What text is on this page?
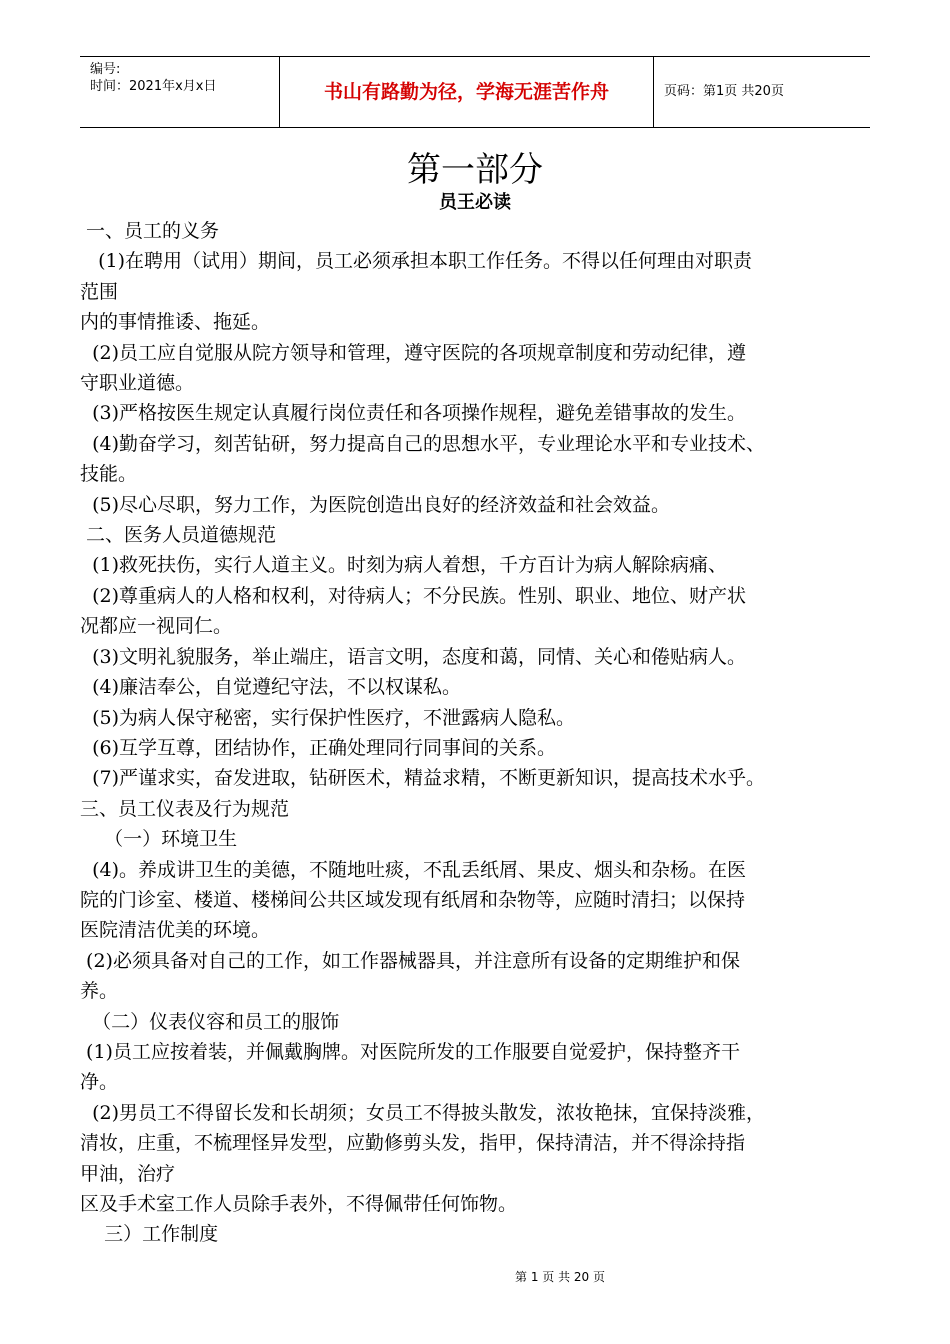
编号:
时间：2021年x月x日	书山有路勤为径，学海无涯苦作舟	页码：第1页 共20页
第一部分
员王必读

一、员工的义务

(1)在聘用（试用）期间，员工必须承担本职工作任务。不得以任何理由对职责

范围

内的事情推诿、拖延。

(2)员工应自觉服从院方领导和管理，遵守医院的各项规章制度和劳动纪律，遵

守职业道德。

(3)严格按医生规定认真履行岗位责任和各项操作规程，避免差错事故的发生。

(4)勤奋学习，刻苦钻研，努力提高自己的思想水平，专业理论水平和专业技术、

技能。

(5)尽心尽职，努力工作，为医院创造出良好的经济效益和社会效益。

二、医务人员道德规范

(1)救死扶伤，实行人道主义。时刻为病人着想，千方百计为病人解除病痛、

(2)尊重病人的人格和权利，对待病人；不分民族。性别、职业、地位、财产状

况都应一视同仁。

(3)文明礼貌服务，举止端庄，语言文明，态度和蔼，同情、关心和倦贴病人。

(4)廉洁奉公，自觉遵纪守法，不以权谋私。

(5)为病人保守秘密，实行保护性医疗，不泄露病人隐私。

(6)互学互尊，团结协作，正确处理同行同事间的关系。

(7)严谨求实，奋发进取，钻研医术，精益求精，不断更新知识，提高技术水乎。

三、员工仪表及行为规范

（一）环境卫生

(4)。养成讲卫生的美德，不随地吐痰，不乱丢纸屑、果皮、烟头和杂杨。在医

院的门诊室、楼道、楼梯间公共区域发现有纸屑和杂物等，应随时清扫；以保持

医院清洁优美的环境。

(2)必须具备对自己的工作，如工作器械器具，并注意所有设备的定期维护和保

养。

（二）仪表仪容和员工的服饰

(1)员工应按着装，并佩戴胸牌。对医院所发的工作服要自觉爱护，保持整齐干

净。

(2)男员工不得留长发和长胡须；女员工不得披头散发，浓妆艳抹，宜保持淡雅，

清妆，庄重，不梳理怪异发型，应勤修剪头发，指甲，保持清洁，并不得涂持指

甲油，治疗

区及手术室工作人员除手表外，不得佩带任何饰物。

三）工作制度

第 1 页 共 20 页
